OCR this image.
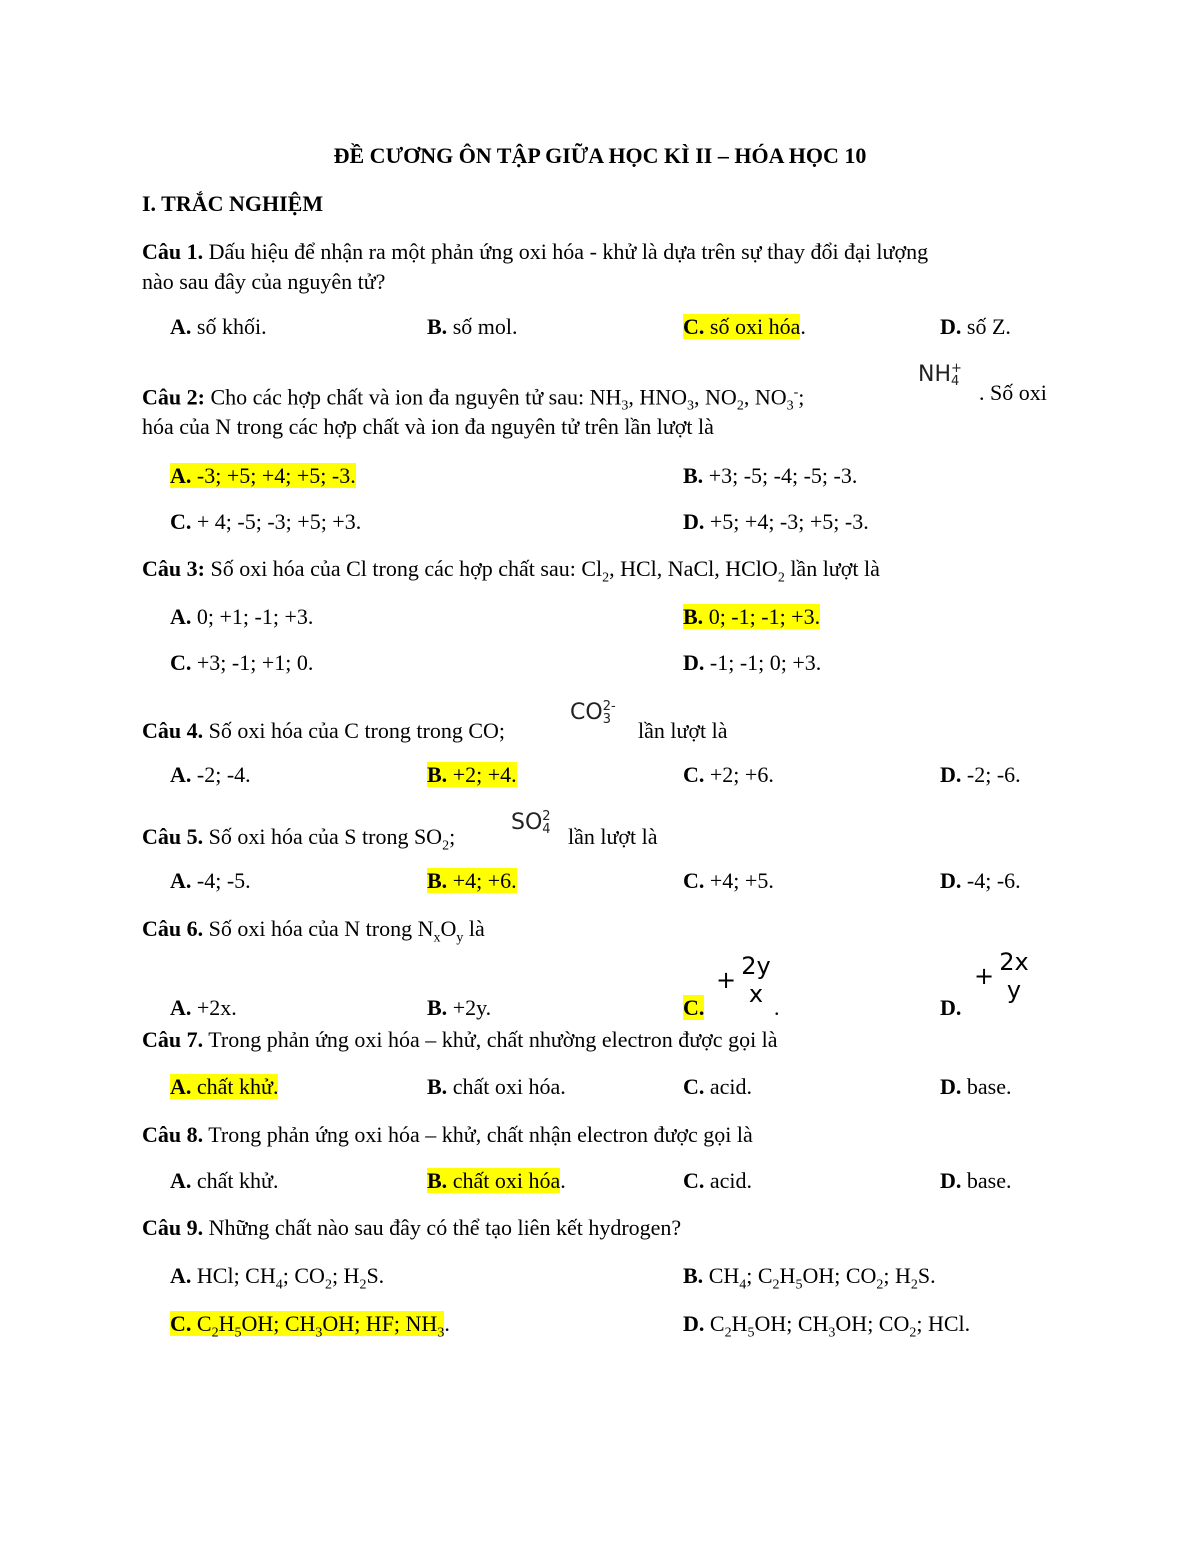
ĐỀ CƯƠNG ÔN TẬP GIỮA HỌC KÌ II – HÓA HỌC 10
I. TRẮC NGHIỆM
Câu 1. Dấu hiệu để nhận ra một phản ứng oxi hóa - khử là dựa trên sự thay đổi đại lượng
nào sau đây của nguyên tử?
A. số khối.	B. số mol.	C. số oxi hóa.	D. số Z.
Câu 2: Cho các hợp chất và ion đa nguyên tử sau: $NH_3$, $HNO_3$, $NO_2$, $NO_3^-$;
NH +
4 . Số oxi
hóa của N trong các hợp chất và ion đa nguyên tử trên lần lượt là
A. -3; +5; +4; +5; -3.	B. +3; -5; -4; -5; -3.
C. + 4; -5; -3; +5; +3.	D. +5; +4; -3; +5; -3.
Câu 3: Số oxi hóa của Cl trong các hợp chất sau: $Cl_2$, HCl, NaCl, HClO$_2$ lần lượt là
A. 0; +1; -1; +3.	B. 0; -1; -1; +3.
C. +3; -1; +1; 0.	D. -1; -1; 0; +3.
Câu 4. Số oxi hóa của C trong trong CO;
CO 2-
3 lần lượt là
A. -2; -4.	B. +2; +4.	C. +2; +6.	D. -2; -6.
Câu 5. Số oxi hóa của S trong $SO_2$;
SO 2
4 lần lượt là
A. -4; -5.	B. +4; +6.	C. +4; +5.	D. -4; -6.
Câu 6. Số oxi hóa của N trong $N_xO_y$ là
A. +2x.	B. +2y.	C.
+ 2y
x .	D.
+ 2x
y
Câu 7. Trong phản ứng oxi hóa – khử, chất nhường electron được gọi là
A. chất khử.	B. chất oxi hóa.	C. acid.	D. base.
Câu 8. Trong phản ứng oxi hóa – khử, chất nhận electron được gọi là
A. chất khử.	B. chất oxi hóa.	C. acid.	D. base.
Câu 9. Những chất nào sau đây có thể tạo liên kết hydrogen?
A. HCl; $CH_4$; $CO_2$; $H_2S$.	B. $CH_4$; $C_2H_5OH$; $CO_2$; $H_2S$.
C. $C_2H_5OH$; $CH_3OH$; HF; $NH_3$.	D. $C_2H_5OH$; $CH_3OH$; $CO_2$; HCl.
